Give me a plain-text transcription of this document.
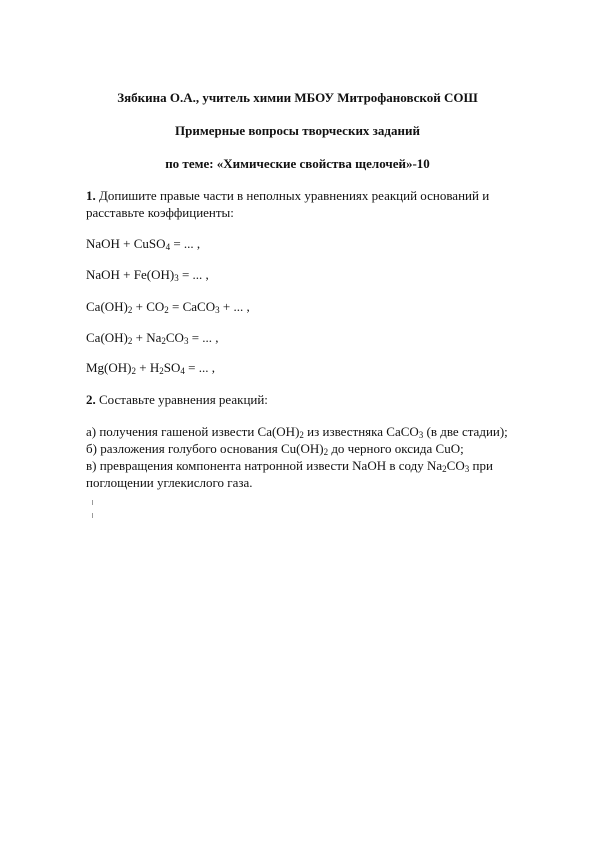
Зябкина О.А., учитель химии МБОУ Митрофановской СОШ
Примерные вопросы творческих заданий
по теме: «Химические свойства щелочей»-10
1. Допишите правые части в неполных уравнениях реакций оснований и
расставьте коэффициенты:
NaOH + CuSO$_4$ = ... ,
NaOH + $Fe(OH)_3$ = ... ,
$Ca(OH)_2 + CO_2$ = CaCO$_3$ + ... ,
$Ca(OH)_2 + Na_2CO_3$ = ... ,
$Mg(OH)_2 + H_2SO_4$ = ... ,
2. Составьте уравнения реакций:
а) получения гашеной извести $Ca(OH)_2$ из известняка CaCO$_3$ (в две стадии);
б) разложения голубого основания $Cu(OH)_2$ до черного оксида CuO;
в) превращения компонента натронной извести NaOH в соду $Na_2CO_3$ при
поглощении углекислого газа.
